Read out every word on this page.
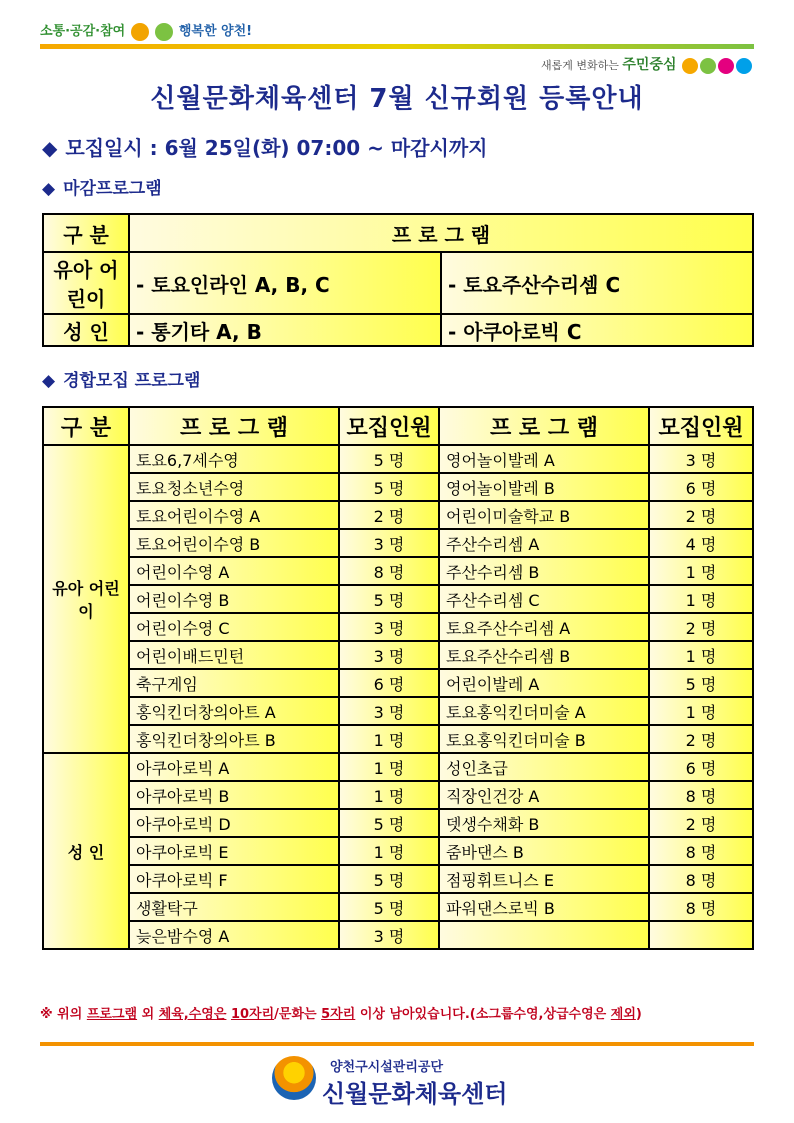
소통·공감·참여	행복한 양천!
새롭게 변화하는 주민중심
신월문화체육센터 7월 신규회원 등록안내
◆ 모집일시 : 6월 25일(화) 07:00 ~ 마감시까지
◆ 마감프로그램
구 분	프 로 그 램	
유아 어린이	- 토요인라인 A, B, C	- 토요주산수리셈 C
성 인	- 통기타 A, B	- 아쿠아로빅 C
◆ 경합모집 프로그램
구 분	프 로 그 램	모집인원	프 로 그 램	모집인원
유아 어린이	토요6,7세수영	5 명	영어놀이발레 A	3 명
	토요청소년수영	5 명	영어놀이발레 B	6 명
	토요어린이수영 A	2 명	어린이미술학교 B	2 명
	토요어린이수영 B	3 명	주산수리셈 A	4 명
	어린이수영 A	8 명	주산수리셈 B	1 명
	어린이수영 B	5 명	주산수리셈 C	1 명
	어린이수영 C	3 명	토요주산수리셈 A	2 명
	어린이배드민턴	3 명	토요주산수리셈 B	1 명
	축구게임	6 명	어린이발레 A	5 명
	홍익킨더창의아트 A	3 명	토요홍익킨더미술 A	1 명
	홍익킨더창의아트 B	1 명	토요홍익킨더미술 B	2 명
성 인	아쿠아로빅 A	1 명	성인초급	6 명
	아쿠아로빅 B	1 명	직장인건강 A	8 명
	아쿠아로빅 D	5 명	뎃생수채화 B	2 명
	아쿠아로빅 E	1 명	줌바댄스 B	8 명
	아쿠아로빅 F	5 명	점핑휘트니스 E	8 명
	생활탁구	5 명	파워댄스로빅 B	8 명
	늦은밤수영 A	3 명		
※ 위의 프로그램 외 체육,수영은 10자리/문화는 5자리 이상 남아있습니다.(소그룹수영,상급수영은 제외)
양천구시설관리공단
신월문화체육센터
